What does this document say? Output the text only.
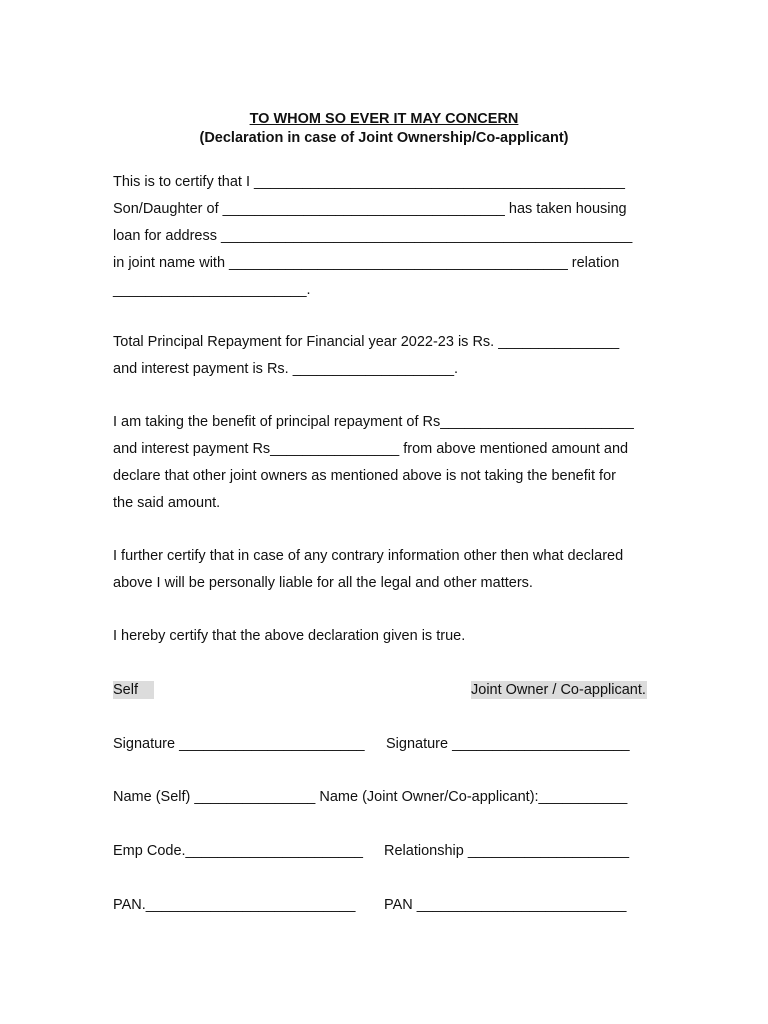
TO WHOM SO EVER IT MAY CONCERN
(Declaration in case of Joint Ownership/Co-applicant)
This is to certify that I ______________________________________________
Son/Daughter of ___________________________________ has taken housing
loan for address ___________________________________________________
in joint name with __________________________________________ relation
________________________.
Total Principal Repayment for Financial year 2022-23 is Rs. _______________
and interest payment is Rs. ____________________.
I am taking the benefit of principal repayment of Rs________________________
and interest payment Rs________________ from above mentioned amount and
declare that other joint owners as mentioned above is not taking the benefit for
the said amount.
I further certify that in case of any contrary information other then what declared
above I will be personally liable for all the legal and other matters.
I hereby certify that the above declaration given is true.
Self	Joint Owner / Co-applicant.
Signature _______________________ Signature ______________________
Name (Self) _______________ Name (Joint Owner/Co-applicant):___________
Emp Code.______________________ Relationship ____________________
PAN.__________________________ PAN __________________________
